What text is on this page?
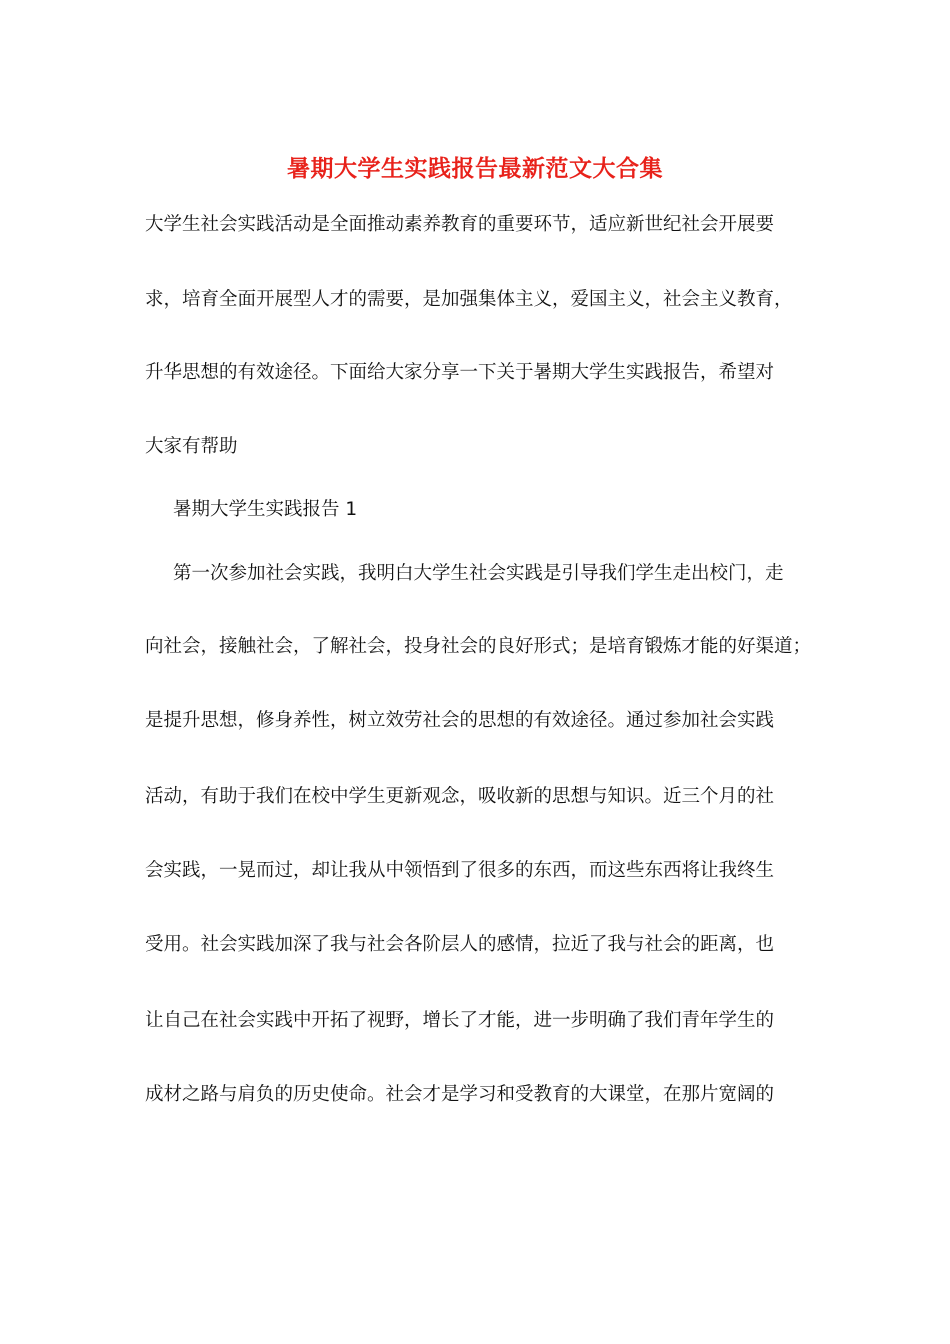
暑期大学生实践报告最新范文大合集
大学生社会实践活动是全面推动素养教育的重要环节，适应新世纪社会开展要
求，培育全面开展型人才的需要，是加强集体主义，爱国主义，社会主义教育，
升华思想的有效途径。下面给大家分享一下关于暑期大学生实践报告，希望对
大家有帮助
暑期大学生实践报告 1
第一次参加社会实践，我明白大学生社会实践是引导我们学生走出校门，走
向社会，接触社会，了解社会，投身社会的良好形式；是培育锻炼才能的好渠道；
是提升思想，修身养性，树立效劳社会的思想的有效途径。通过参加社会实践
活动，有助于我们在校中学生更新观念，吸收新的思想与知识。近三个月的社
会实践，一晃而过，却让我从中领悟到了很多的东西，而这些东西将让我终生
受用。社会实践加深了我与社会各阶层人的感情，拉近了我与社会的距离，也
让自己在社会实践中开拓了视野，增长了才能，进一步明确了我们青年学生的
成材之路与肩负的历史使命。社会才是学习和受教育的大课堂，在那片宽阔的
